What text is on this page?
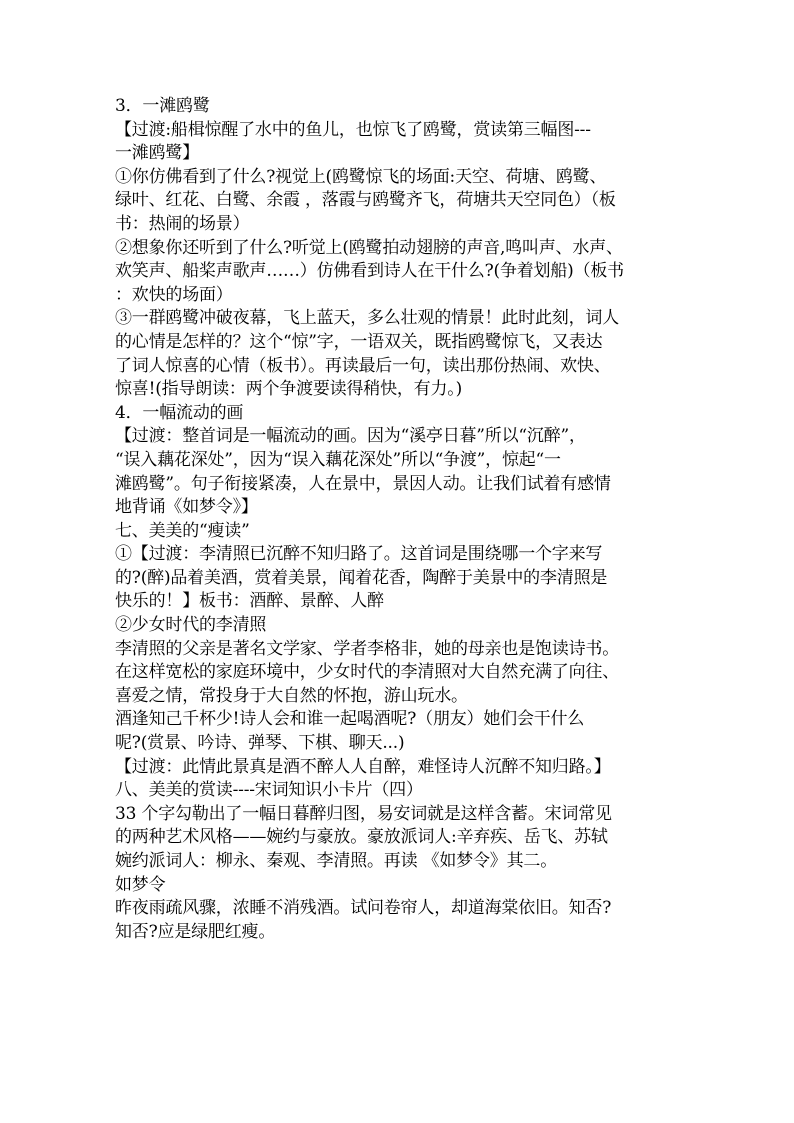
3．一滩鸥鹭
【过渡:船楫惊醒了水中的鱼儿，也惊飞了鸥鹭，赏读第三幅图---
一滩鸥鹭】
①你仿佛看到了什么?视觉上(鸥鹭惊飞的场面:天空、荷塘、鸥鹭、
绿叶、红花、白鹭、余霞 ，落霞与鸥鹭齐飞，荷塘共天空同色）（板
书：热闹的场景）
②想象你还听到了什么?听觉上(鸥鹭拍动翅膀的声音,鸣叫声、水声、
欢笑声、船桨声歌声……）仿佛看到诗人在干什么?(争着划船)（板书
：欢快的场面）
③一群鸥鹭冲破夜幕，飞上蓝天，多么壮观的情景！此时此刻，词人
的心情是怎样的？这个“惊”字，一语双关，既指鸥鹭惊飞，又表达
了词人惊喜的心情（板书）。再读最后一句，读出那份热闹、欢快、
惊喜!(指导朗读：两个争渡要读得稍快，有力。)
4．一幅流动的画
【过渡：整首词是一幅流动的画。因为“溪亭日暮”所以“沉醉”，
“误入藕花深处”，因为“误入藕花深处”所以“争渡”，惊起“一
滩鸥鹭”。句子衔接紧凑，人在景中，景因人动。让我们试着有感情
地背诵《如梦令》】
七、美美的“瘦读”
①【过渡：李清照已沉醉不知归路了。这首词是围绕哪一个字来写
的?(醉)品着美酒，赏着美景，闻着花香，陶醉于美景中的李清照是
快乐的！】板书：酒醉、景醉、人醉
②少女时代的李清照
李清照的父亲是著名文学家、学者李格非，她的母亲也是饱读诗书。
在这样宽松的家庭环境中，少女时代的李清照对大自然充满了向往、
喜爱之情，常投身于大自然的怀抱，游山玩水。
酒逢知己千杯少!诗人会和谁一起喝酒呢?（朋友）她们会干什么
呢?(赏景、吟诗、弹琴、下棋、聊天...)
【过渡：此情此景真是酒不醉人人自醉，难怪诗人沉醉不知归路。】
八、美美的赏读----宋词知识小卡片（四）
33 个字勾勒出了一幅日暮醉归图，易安词就是这样含蓄。宋词常见
的两种艺术风格——婉约与豪放。豪放派词人:辛弃疾、岳飞、苏轼
婉约派词人：柳永、秦观、李清照。再读 《如梦令》其二。
如梦令
昨夜雨疏风骤，浓睡不消残酒。试问卷帘人，却道海棠依旧。知否?
知否?应是绿肥红瘦。
